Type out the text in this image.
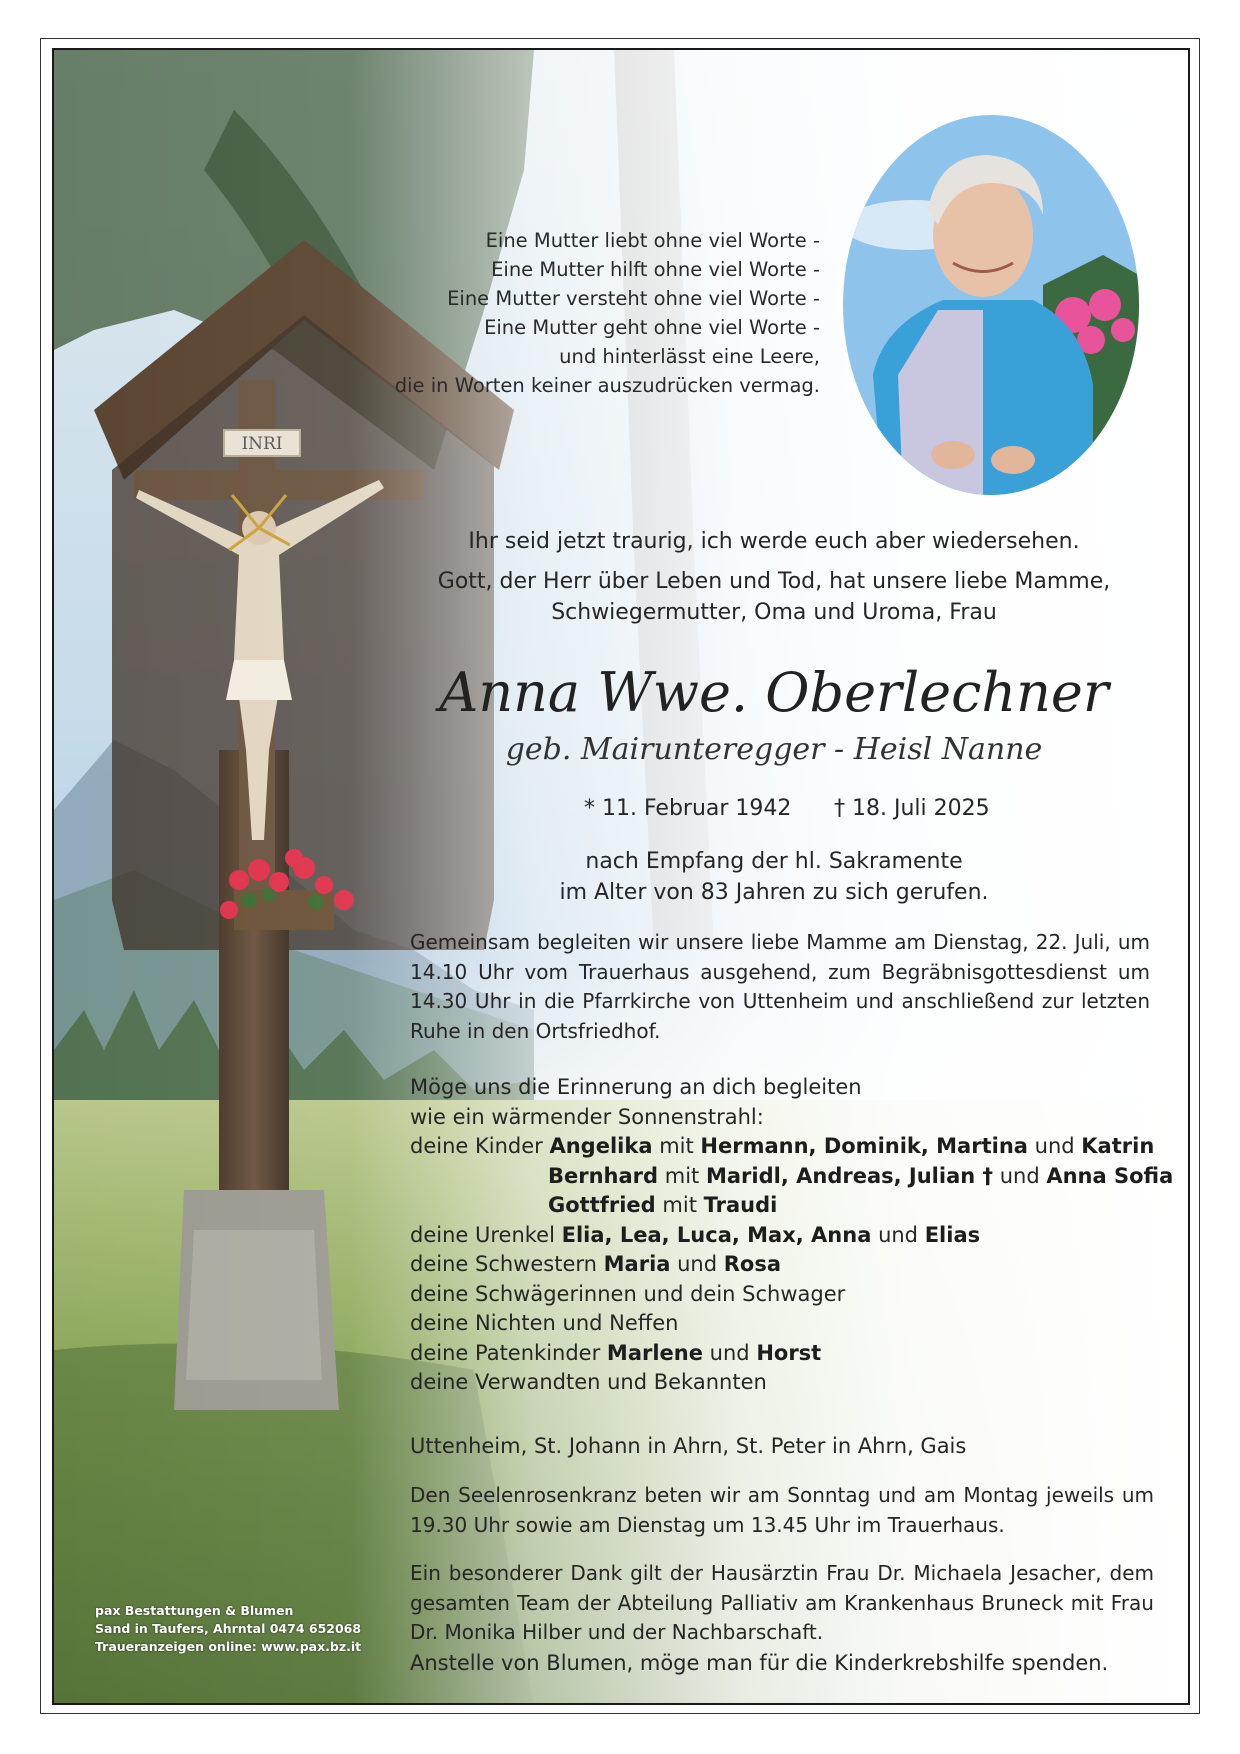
Eine Mutter liebt ohne viel Worte -
Eine Mutter hilft ohne viel Worte -
Eine Mutter versteht ohne viel Worte -
Eine Mutter geht ohne viel Worte -
und hinterlässt eine Leere,
die in Worten keiner auszudrücken vermag.
Ihr seid jetzt traurig, ich werde euch aber wiedersehen.
Gott, der Herr über Leben und Tod, hat unsere liebe Mamme,
Schwiegermutter, Oma und Uroma, Frau
Anna Wwe. Oberlechner
geb. Mairunteregger - Heisl Nanne
* 11. Februar 1942 † 18. Juli 2025
nach Empfang der hl. Sakramente
im Alter von 83 Jahren zu sich gerufen.
Gemeinsam begleiten wir unsere liebe Mamme am Dienstag, 22. Juli, um 14.10 Uhr vom Trauerhaus ausgehend, zum Begräbnisgottesdienst um 14.30 Uhr in die Pfarrkirche von Uttenheim und anschließend zur letzten Ruhe in den Ortsfriedhof.
Möge uns die Erinnerung an dich begleiten
wie ein wärmender Sonnenstrahl:
deine Kinder Angelika mit Hermann, Dominik, Martina und Katrin
Bernhard mit Maridl, Andreas, Julian † und Anna Sofia
Gottfried mit Traudi
deine Urenkel Elia, Lea, Luca, Max, Anna und Elias
deine Schwestern Maria und Rosa
deine Schwägerinnen und dein Schwager
deine Nichten und Neffen
deine Patenkinder Marlene und Horst
deine Verwandten und Bekannten
Uttenheim, St. Johann in Ahrn, St. Peter in Ahrn, Gais
Den Seelenrosenkranz beten wir am Sonntag und am Montag jeweils um 19.30 Uhr sowie am Dienstag um 13.45 Uhr im Trauerhaus.
Ein besonderer Dank gilt der Hausärztin Frau Dr. Michaela Jesacher, dem gesamten Team der Abteilung Palliativ am Krankenhaus Bruneck mit Frau Dr. Monika Hilber und der Nachbarschaft.
Anstelle von Blumen, möge man für die Kinderkrebshilfe spenden.
pax Bestattungen & Blumen
Sand in Taufers, Ahrntal 0474 652068
Traueranzeigen online: www.pax.bz.it
